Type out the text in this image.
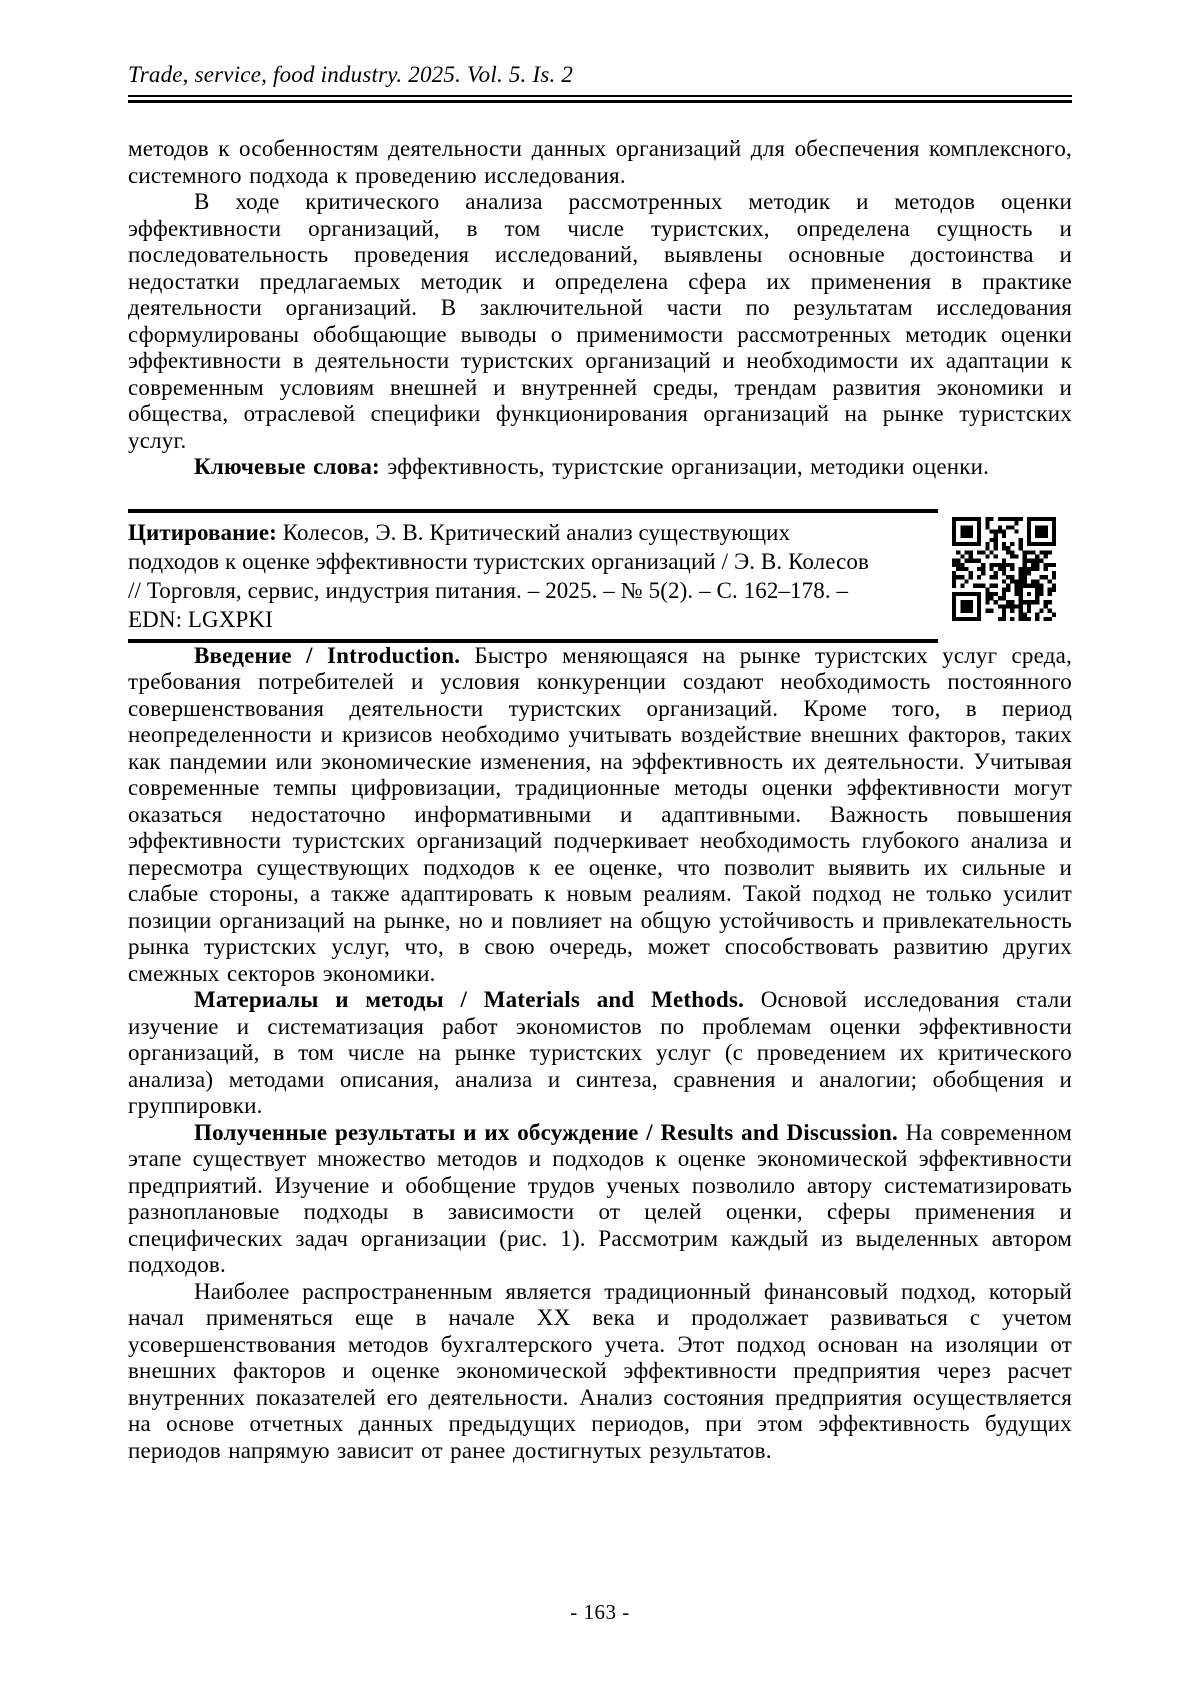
Trade, service, food industry. 2025. Vol. 5. Is. 2

методов к особенностям деятельности данных организаций для обеспечения комплексного, системного подхода к проведению исследования.

В ходе критического анализа рассмотренных методик и методов оценки эффективности организаций, в том числе туристских, определена сущность и последовательность проведения исследований, выявлены основные достоинства и недостатки предлагаемых методик и определена сфера их применения в практике деятельности организаций. В заключительной части по результатам исследования сформулированы обобщающие выводы о применимости рассмотренных методик оценки эффективности в деятельности туристских организаций и необходимости их адаптации к современным условиям внешней и внутренней среды, трендам развития экономики и общества, отраслевой специфики функционирования организаций на рынке туристских услуг.

Ключевые слова: эффективность, туристские организации, методики оценки.

Цитирование: Колесов, Э. В. Критический анализ существующих
подходов к оценке эффективности туристских организаций / Э. В. Колесов
// Торговля, сервис, индустрия питания. – 2025. – № 5(2). – С. 162–178. –
EDN: LGXPKI

Введение / Introduction. Быстро меняющаяся на рынке туристских услуг среда, требования потребителей и условия конкуренции создают необходимость постоянного совершенствования деятельности туристских организаций. Кроме того, в период неопределенности и кризисов необходимо учитывать воздействие внешних факторов, таких как пандемии или экономические изменения, на эффективность их деятельности. Учитывая современные темпы цифровизации, традиционные методы оценки эффективности могут оказаться недостаточно информативными и адаптивными. Важность повышения эффективности туристских организаций подчеркивает необходимость глубокого анализа и пересмотра существующих подходов к ее оценке, что позволит выявить их сильные и слабые стороны, а также адаптировать к новым реалиям. Такой подход не только усилит позиции организаций на рынке, но и повлияет на общую устойчивость и привлекательность рынка туристских услуг, что, в свою очередь, может способствовать развитию других смежных секторов экономики.

Материалы и методы / Materials and Methods. Основой исследования стали изучение и систематизация работ экономистов по проблемам оценки эффективности организаций, в том числе на рынке туристских услуг (с проведением их критического анализа) методами описания, анализа и синтеза, сравнения и аналогии; обобщения и группировки.

Полученные результаты и их обсуждение / Results and Discussion. На современном этапе существует множество методов и подходов к оценке экономической эффективности предприятий. Изучение и обобщение трудов ученых позволило автору систематизировать разноплановые подходы в зависимости от целей оценки, сферы применения и специфических задач организации (рис. 1). Рассмотрим каждый из выделенных автором подходов.

Наиболее распространенным является традиционный финансовый подход, который начал применяться еще в начале XX века и продолжает развиваться с учетом усовершенствования методов бухгалтерского учета. Этот подход основан на изоляции от внешних факторов и оценке экономической эффективности предприятия через расчет внутренних показателей его деятельности. Анализ состояния предприятия осуществляется на основе отчетных данных предыдущих периодов, при этом эффективность будущих периодов напрямую зависит от ранее достигнутых результатов.

- 163 -
